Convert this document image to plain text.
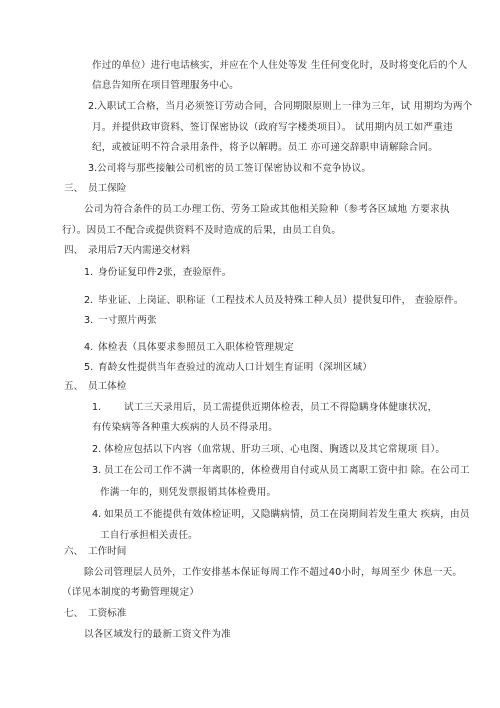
作过的单位）进行电话核实，并应在个人住处等发 生任何变化时，及时将变化后的个人
信息告知所在项目管理服务中心。
2. 入职试工合格，当月必须签订劳动合同，合同期限原则上一律为三年，试 用期均为两个
月。并提供政审资料、签订保密协议（政府写字楼类项目）。 试用期内员工如严重违
纪，或被证明不符合录用条件，将予以解聘。员工 亦可递交辞职申请解除合同。
3. 公司将与那些接触公司机密的员工签订保密协议和不竞争协议。
三、 员工保险
公司为符合条件的员工办理工伤、劳务工险或其他相关险种（参考各区域地 方要求执
行）。因员工不配合或提供资料不及时造成的后果，由员工自负。
四、 录用后7天内需递交材料
1. 身份证复印件2张，查验原件。
2. 毕业证、上岗证、职称证（工程技术人员及特殊工种人员）提供复印件， 查验原件。
3. 一寸照片两张
4. 体检表（具体要求参照员工入职体检管理规定
5. 育龄女性提供当年查验过的流动人口计划生育证明（深圳区域）
五、 员工体检
1. 试工三天录用后，员工需提供近期体检表，员工不得隐瞒身体健康状况，
有传染病等各种重大疾病的人员不得录用。
2. 体检应包括以下内容（血常规、肝功三项、心电图、胸透以及其它常规项 目）。
3. 员工在公司工作不满一年离职的，体检费用自付或从员工离职工资中扣 除。在公司工
作满一年的，则凭发票报销其体检费用。
4. 如果员工不能提供有效体检证明，又隐瞒病情，员工在岗期间若发生重大 疾病，由员
工自行承担相关责任。
六、 工作时间
除公司管理层人员外，工作安排基本保证每周工作不超过40小时，每周至少 休息一天。
（详见本制度的考勤管理规定）
七、 工资标准
以各区域发行的最新工资文件为准
